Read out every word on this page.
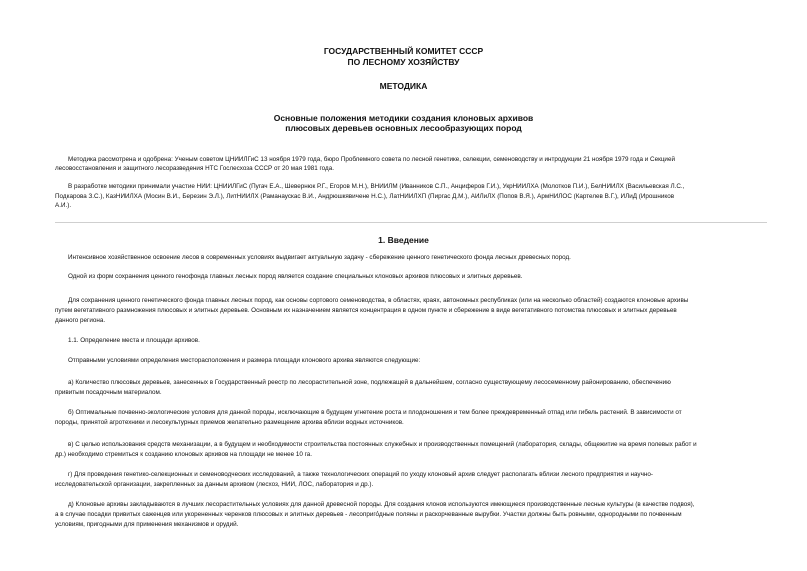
ГОСУДАРСТВЕННЫЙ КОМИТЕТ СССР
ПО ЛЕСНОМУ ХОЗЯЙСТВУ
МЕТОДИКА
Основные положения методики создания клоновых архивов
плюсовых деревьев основных лесообразующих пород
Методика рассмотрена и одобрена: Ученым советом ЦНИИЛГиС 13 ноября 1979 года, бюро Проблемного совета по лесной генетике, селекции, семеноводству и интродукции 21 ноября 1979 года и Секцией
лесовосстановления и защитного лесоразведения НТС Гослесхоза СССР от 20 мая 1981 года.
В разработке методики принимали участие НИИ: ЦНИИЛГиС (Пугач Е.А., Шевернюк Р.Г., Егоров М.Н.), ВНИИЛМ (Иванников С.П., Анциферов Г.И.), УкрНИИЛХА (Молотков П.И.), БелНИИЛХ (Васильевская Л.С.,
Подкарова З.С.), КазНИИЛХА (Мосин В.И., Березин Э.Л.), ЛитНИИЛХ (Раманаускас В.И., Андрюшкявичене Н.С.), ЛатНИИЛХП (Пиргас Д.М.), АИЛиЛХ (Попов В.Я.), АрмНИЛОС (Картелев В.Г.), ИЛиД (Ирошников
А.И.).
1. Введение
Интенсивное хозяйственное освоение лесов в современных условиях выдвигает актуальную задачу - сбережение ценного генетического фонда лесных древесных пород.
Одной из форм сохранения ценного генофонда главных лесных пород является создание специальных клоновых архивов плюсовых и элитных деревьев.
Для сохранения ценного генетического фонда главных лесных пород, как основы сортового семеноводства, в областях, краях, автономных республиках (или на несколько областей) создаются клоновые архивы
путем вегетативного размножения плюсовых и элитных деревьев. Основным их назначением является концентрация в одном пункте и сбережение в виде вегетативного потомства плюсовых и элитных деревьев
данного региона.
1.1. Определение места и площади архивов.
Отправными условиями определения месторасположения и размера площади клонового архива являются следующие:
а) Количество плюсовых деревьев, занесенных в Государственный реестр по лесорастительной зоне, подлежащей в дальнейшем, согласно существующему лесосеменному районированию, обеспечению
привитым посадочным материалом.
б) Оптимальные почвенно-экологические условия для данной породы, исключающие в будущем угнетение роста и плодоношения и тем более преждевременный отпад или гибель растений. В зависимости от
породы, принятой агротехники и лесокультурных приемов желательно размещение архива вблизи водных источников.
в) С целью использования средств механизации, а в будущем и необходимости строительства постоянных служебных и производственных помещений (лаборатория, склады, общежитие на время полевых работ и
др.) необходимо стремиться к созданию клоновых архивов на площади не менее 10 га.
г) Для проведения генетико-селекционных и семеноводческих исследований, а также технологических операций по уходу клоновый архив следует располагать вблизи лесного предприятия и научно-
исследовательской организации, закрепленных за данным архивом (лесхоз, НИИ, ЛОС, лаборатория и др.).
д) Клоновые архивы закладываются в лучших лесорастительных условиях для данной древесной породы. Для создания клонов используются имеющиеся производственные лесные культуры (в качестве подвоя),
а в случае посадки привитых саженцев или укорененных черенков плюсовых и элитных деревьев - лесоприго́дные поляны и раскорчеванные вырубки. Участки должны быть ровными, однородными по почвенным
условиям, пригодными для применения механизмов и орудий.
